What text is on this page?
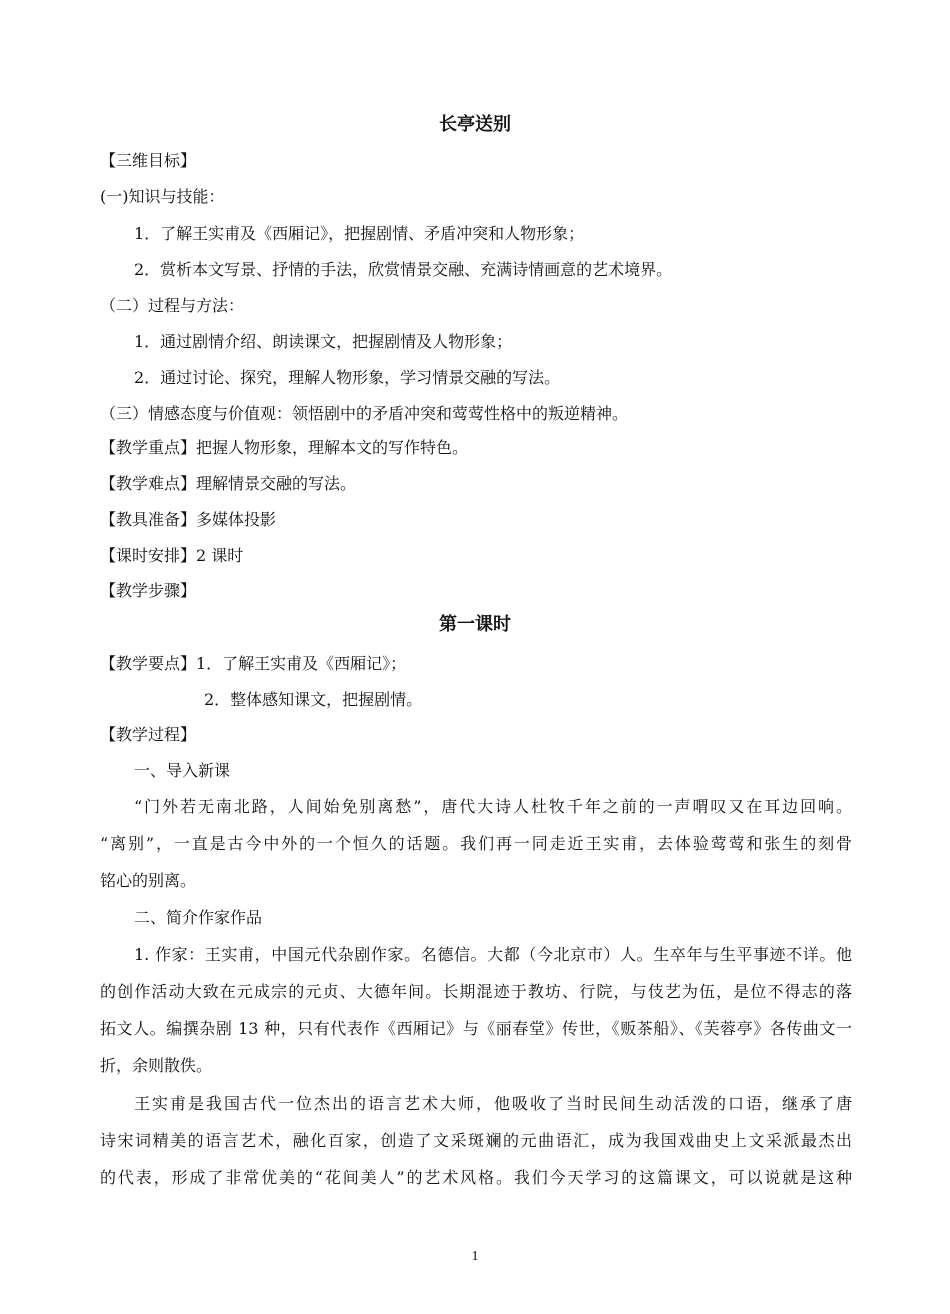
长亭送别
【三维目标】
(一)知识与技能：
1．了解王实甫及《西厢记》，把握剧情、矛盾冲突和人物形象；
2．赏析本文写景、抒情的手法，欣赏情景交融、充满诗情画意的艺术境界。
（二）过程与方法：
1．通过剧情介绍、朗读课文，把握剧情及人物形象；
2．通过讨论、探究，理解人物形象，学习情景交融的写法。
（三）情感态度与价值观：领悟剧中的矛盾冲突和莺莺性格中的叛逆精神。
【教学重点】把握人物形象，理解本文的写作特色。
【教学难点】理解情景交融的写法。
【教具准备】多媒体投影
【课时安排】2 课时
【教学步骤】
第一课时
【教学要点】1．了解王实甫及《西厢记》；
2．整体感知课文，把握剧情。
【教学过程】
一、导入新课
“门外若无南北路，人间始免别离愁”，唐代大诗人杜牧千年之前的一声喟叹又在耳边回响。
“离别”，一直是古今中外的一个恒久的话题。我们再一同走近王实甫，去体验莺莺和张生的刻骨
铭心的别离。
二、简介作家作品
1. 作家：王实甫，中国元代杂剧作家。名德信。大都（今北京市）人。生卒年与生平事迹不详。他
的创作活动大致在元成宗的元贞、大德年间。长期混迹于教坊、行院，与伎艺为伍，是位不得志的落
拓文人。编撰杂剧 13 种，只有代表作《西厢记》与《丽春堂》传世，《贩茶船》、《芙蓉亭》各传曲文一
折，余则散佚。
王实甫是我国古代一位杰出的语言艺术大师，他吸收了当时民间生动活泼的口语，继承了唐
诗宋词精美的语言艺术，融化百家，创造了文采斑斓的元曲语汇，成为我国戏曲史上文采派最杰出
的代表，形成了非常优美的“花间美人”的艺术风格。我们今天学习的这篇课文，可以说就是这种
1
